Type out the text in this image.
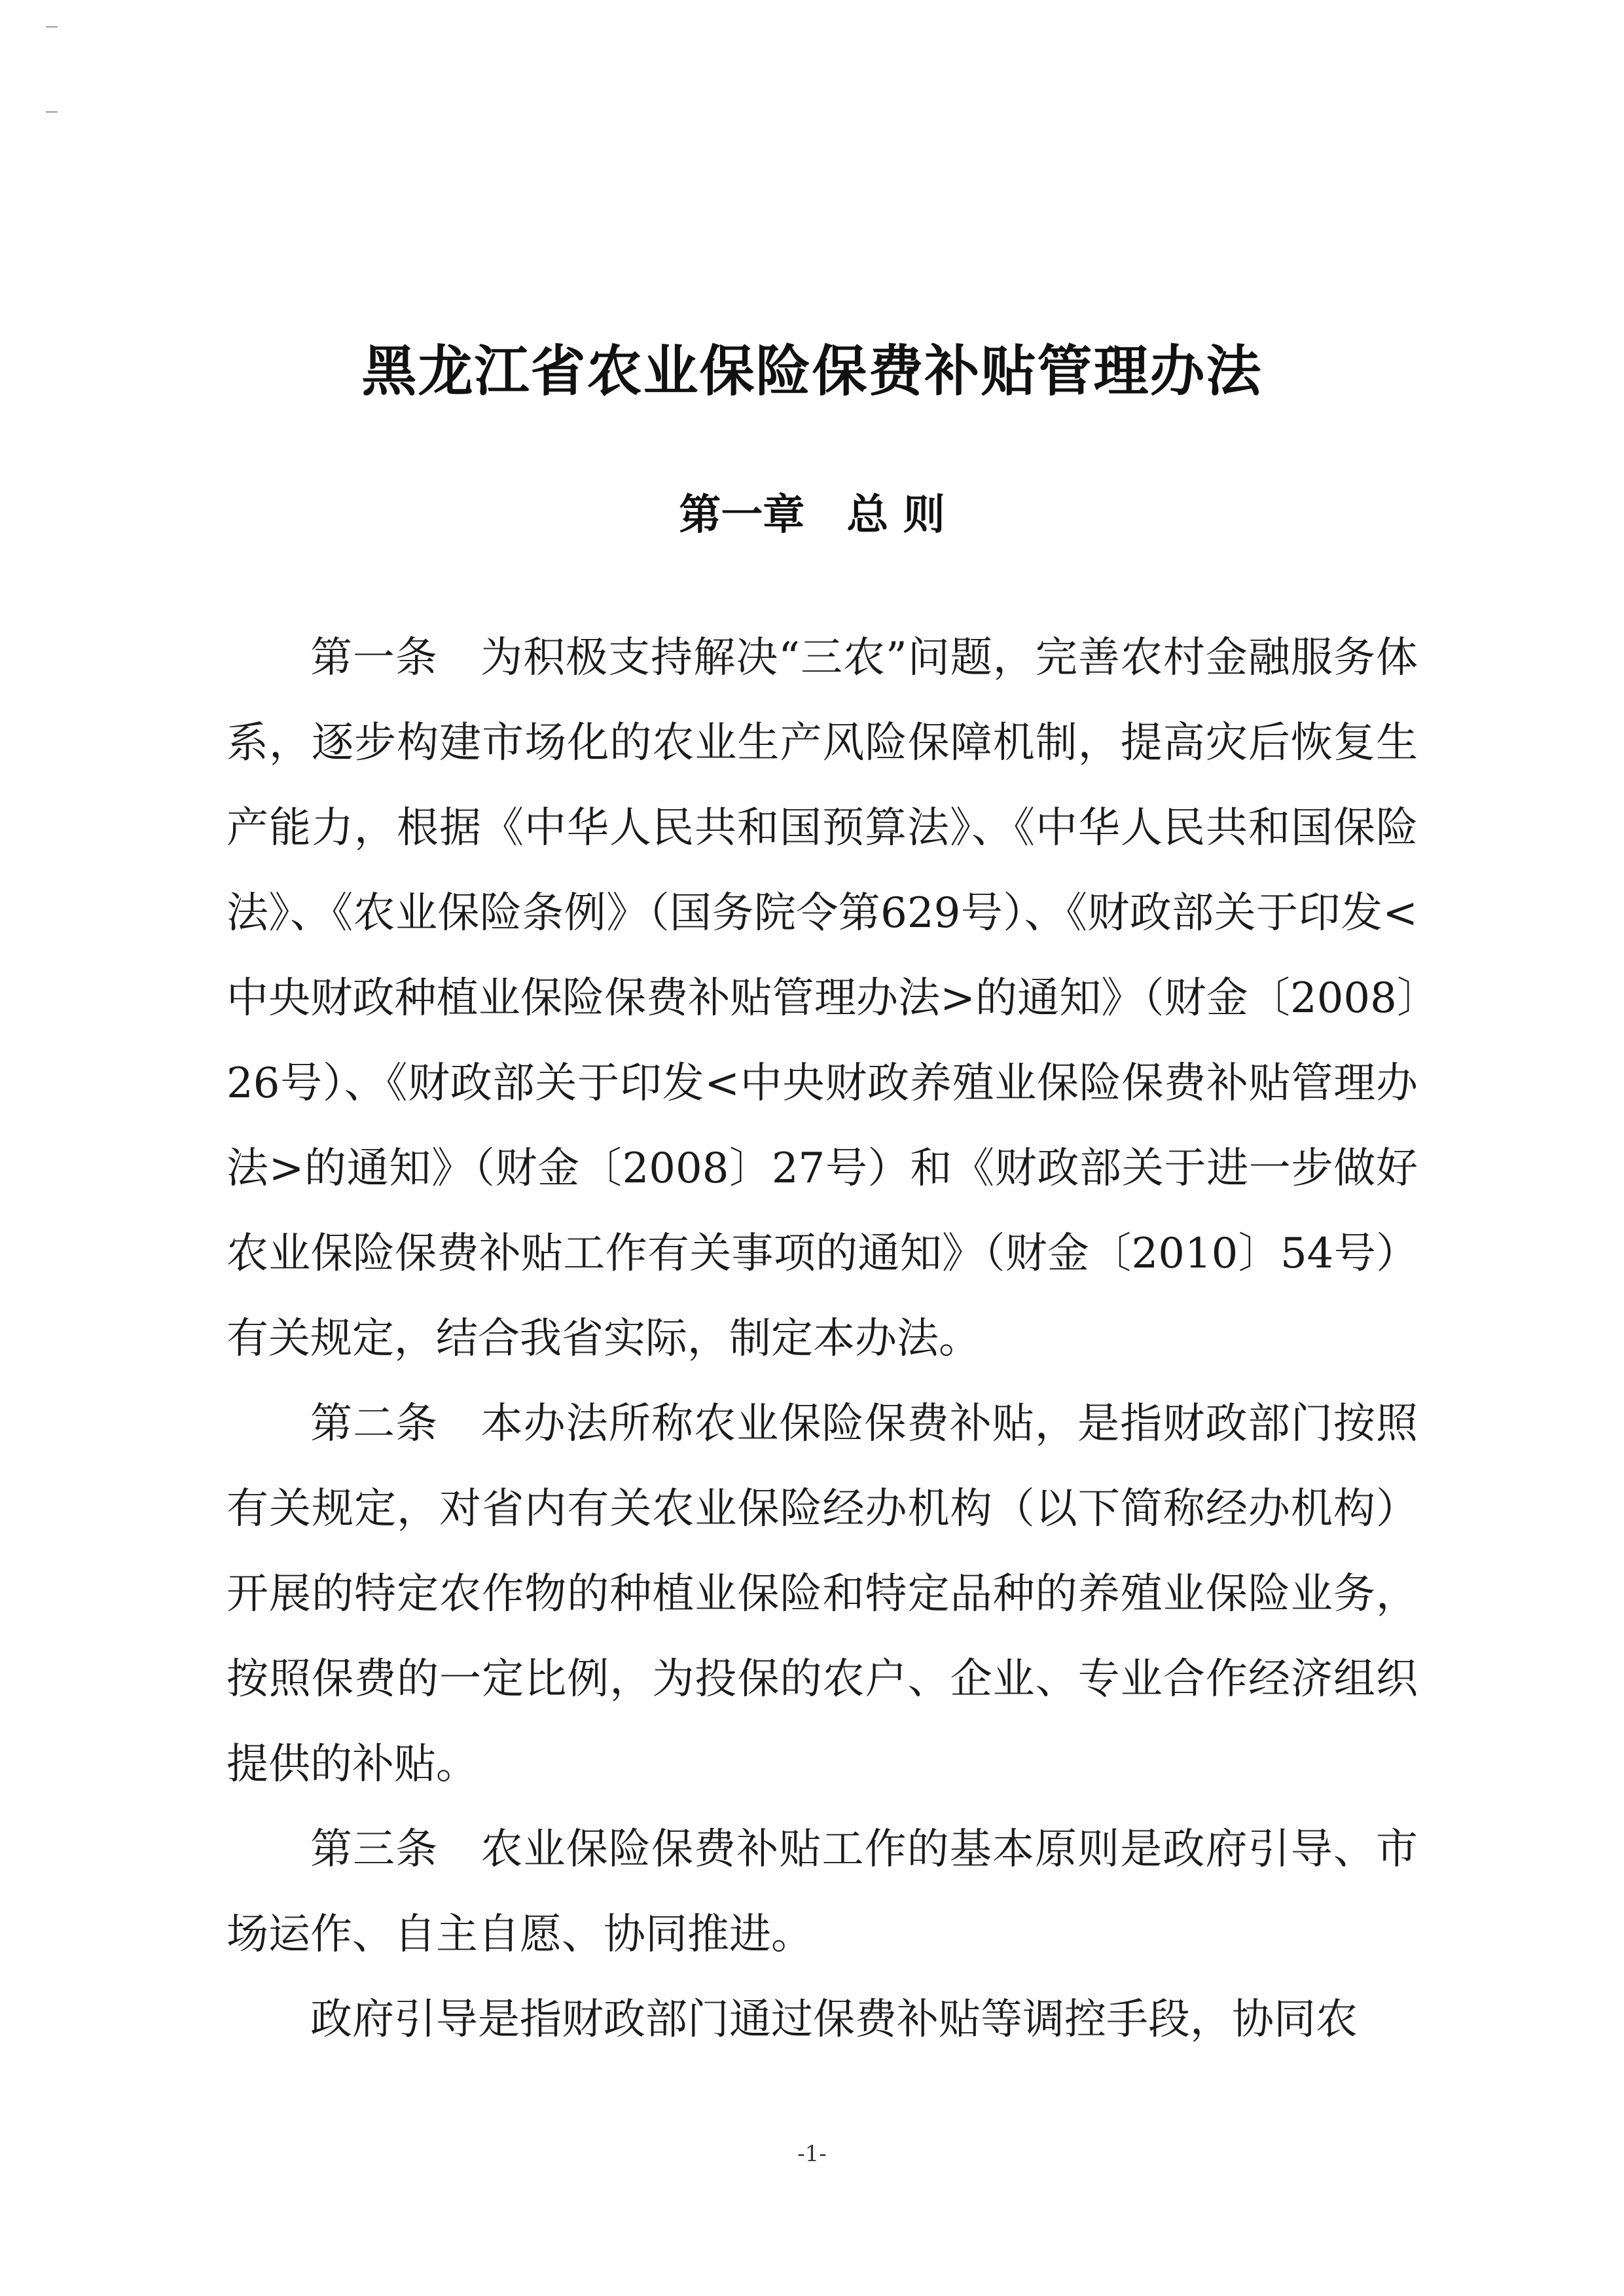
黑龙江省农业保险保费补贴管理办法
第一章　总 则

第一条　为积极支持解决“三农”问题，完善农村金融服务体系，逐步构建市场化的农业生产风险保障机制，提高灾后恢复生产能力，根据《中华人民共和国预算法》、《中华人民共和国保险法》、《农业保险条例》（国务院令第629号）、《财政部关于印发<中央财政种植业保险保费补贴管理办法>的通知》（财金〔2008〕26号）、《财政部关于印发<中央财政养殖业保险保费补贴管理办法>的通知》（财金〔2008〕27号）和《财政部关于进一步做好农业保险保费补贴工作有关事项的通知》（财金〔2010〕54号）有关规定，结合我省实际，制定本办法。

第二条　本办法所称农业保险保费补贴，是指财政部门按照有关规定，对省内有关农业保险经办机构（以下简称经办机构）开展的特定农作物的种植业保险和特定品种的养殖业保险业务，按照保费的一定比例，为投保的农户、企业、专业合作经济组织提供的补贴。

第三条　农业保险保费补贴工作的基本原则是政府引导、市场运作、自主自愿、协同推进。

政府引导是指财政部门通过保费补贴等调控手段，协同农

-1-
